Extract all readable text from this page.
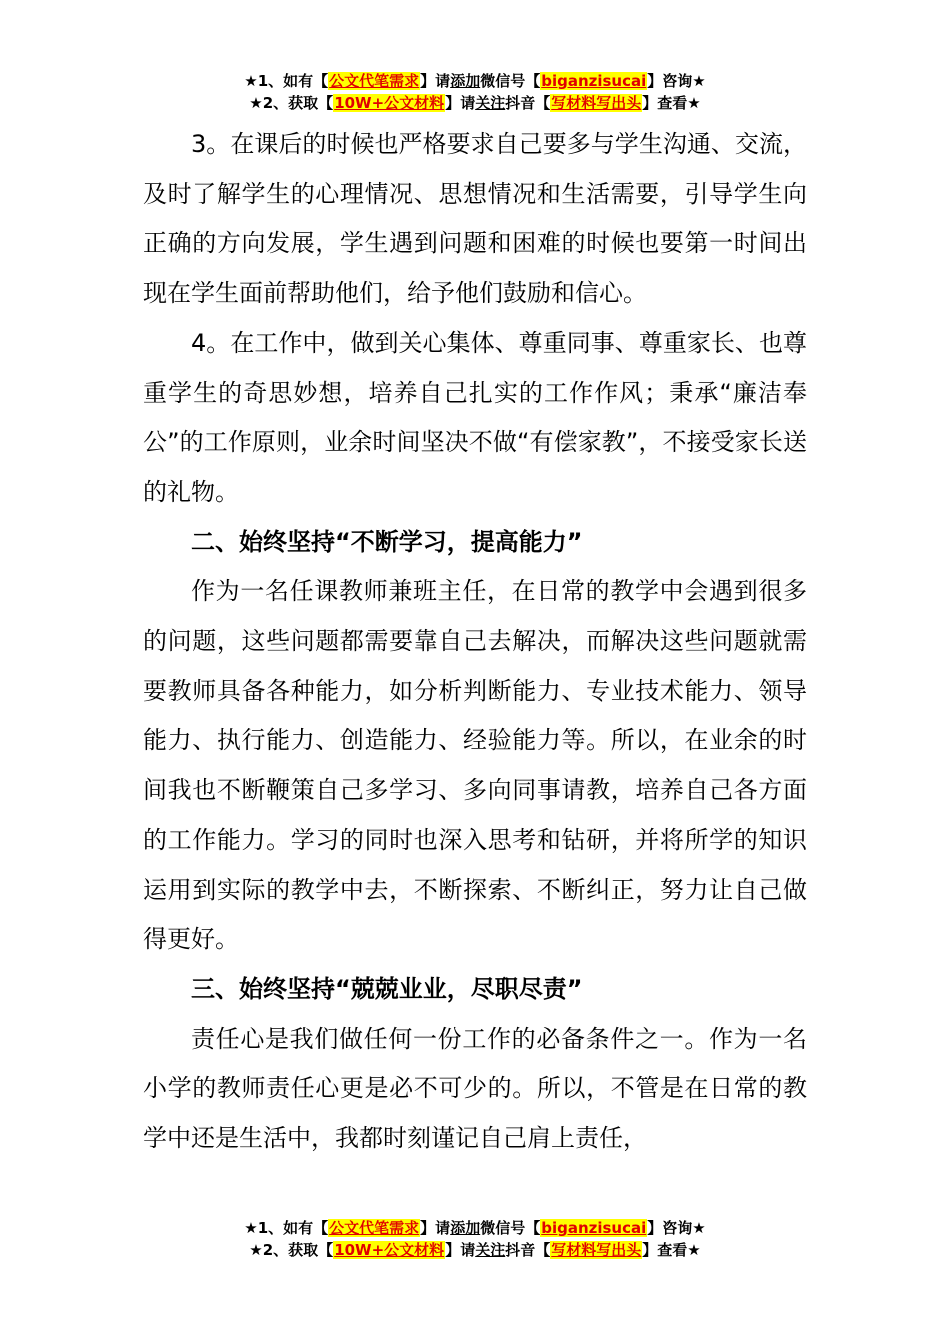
★1、如有【公文代笔需求】请添加微信号【biganzisucai】咨询★
★2、获取【10W+公文材料】请关注抖音【写材料写出头】查看★

3。在课后的时候也严格要求自己要多与学生沟通、交流，及时了解学生的心理情况、思想情况和生活需要，引导学生向正确的方向发展，学生遇到问题和困难的时候也要第一时间出现在学生面前帮助他们，给予他们鼓励和信心。

4。在工作中，做到关心集体、尊重同事、尊重家长、也尊重学生的奇思妙想，培养自己扎实的工作作风；秉承“廉洁奉公”的工作原则，业余时间坚决不做“有偿家教”，不接受家长送的礼物。

二、始终坚持“不断学习，提高能力”

作为一名任课教师兼班主任，在日常的教学中会遇到很多的问题，这些问题都需要靠自己去解决，而解决这些问题就需要教师具备各种能力，如分析判断能力、专业技术能力、领导能力、执行能力、创造能力、经验能力等。所以，在业余的时间我也不断鞭策自己多学习、多向同事请教，培养自己各方面的工作能力。学习的同时也深入思考和钻研，并将所学的知识运用到实际的教学中去，不断探索、不断纠正，努力让自己做得更好。

三、始终坚持“兢兢业业，尽职尽责”

责任心是我们做任何一份工作的必备条件之一。作为一名小学的教师责任心更是必不可少的。所以，不管是在日常的教学中还是生活中，我都时刻谨记自己肩上责任，

★1、如有【公文代笔需求】请添加微信号【biganzisucai】咨询★
★2、获取【10W+公文材料】请关注抖音【写材料写出头】查看★
